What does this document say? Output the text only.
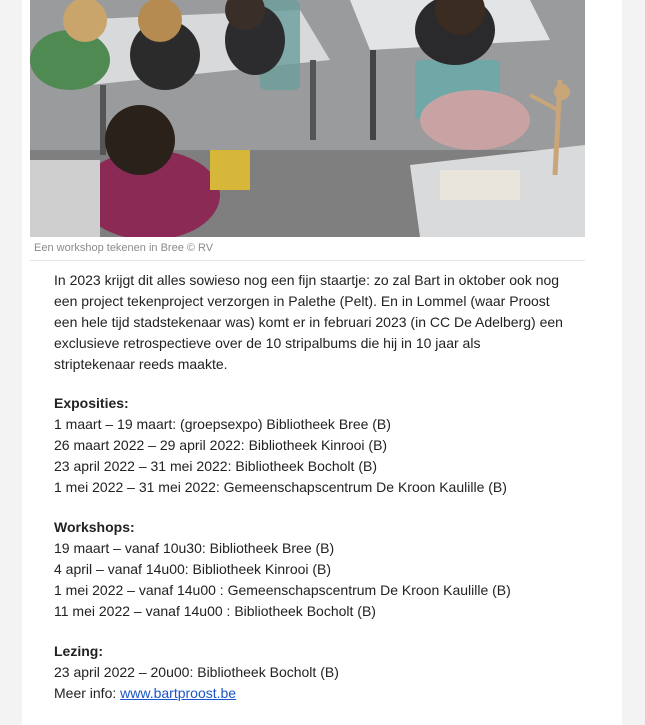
Een workshop tekenen in Bree © RV

In 2023 krijgt dit alles sowieso nog een fijn staartje: zo zal Bart in oktober ook nog een project tekenproject verzorgen in Palethe (Pelt). En in Lommel (waar Proost een hele tijd stadstekenaar was) komt er in februari 2023 (in CC De Adelberg) een exclusieve retrospectieve over de 10 stripalbums die hij in 10 jaar als striptekenaar reeds maakte.

Exposities:

1 maart – 19 maart: (groepsexpo) Bibliotheek Bree (B)
26 maart 2022 – 29 april 2022: Bibliotheek Kinrooi (B)
23 april 2022 – 31 mei 2022: Bibliotheek Bocholt (B)
1 mei 2022 – 31 mei 2022: Gemeenschapscentrum De Kroon Kaulille (B)

Workshops:

19 maart – vanaf 10u30: Bibliotheek Bree (B)
4 april – vanaf 14u00: Bibliotheek Kinrooi (B)
1 mei 2022 – vanaf 14u00 : Gemeenschapscentrum De Kroon Kaulille (B)
11 mei 2022 – vanaf 14u00 : Bibliotheek Bocholt (B)

Lezing:

23 april 2022 – 20u00: Bibliotheek Bocholt (B)
Meer info: www.bartproost.be
